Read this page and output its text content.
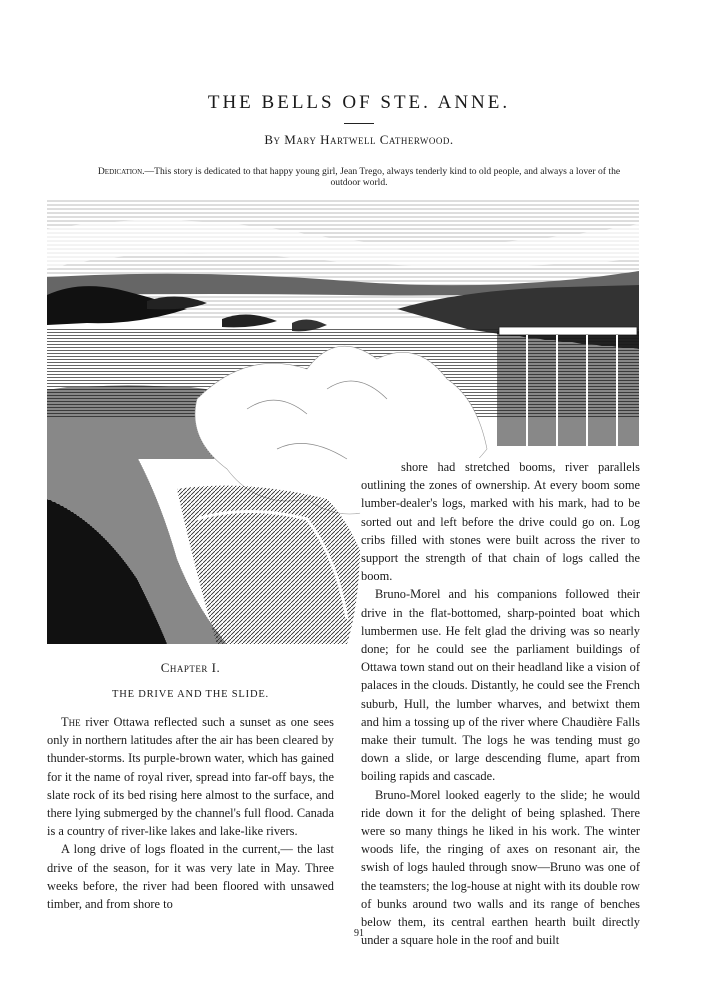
THE BELLS OF STE. ANNE.
By Mary Hartwell Catherwood.
Dedication.—This story is dedicated to that happy young girl, Jean Trego, always tenderly kind to old people, and always a lover of the outdoor world.

shore had stretched booms, river parallels outlining the zones of ownership. At every boom some lumber-dealer's logs, marked with his mark, had to be sorted out and left before the drive could go on. Log cribs filled with stones were built across the river to support the strength of that chain of logs called the boom.

Bruno-Morel and his companions followed their drive in the flat-bottomed, sharp-pointed boat which lumbermen use. He felt glad the driving was so nearly done; for he could see the parliament buildings of Ottawa town stand out on their headland like a vision of palaces in the clouds. Distantly, he could see the French suburb, Hull, the lumber wharves, and betwixt them and him a tossing up of the river where Chaudière Falls make their tumult. The logs he was tending must go down a slide, or large descending flume, apart from boiling rapids and cascade.

Bruno-Morel looked eagerly to the slide; he would ride down it for the delight of being splashed. There were so many things he liked in his work. The winter woods life, the ringing of axes on resonant air, the swish of logs hauled through snow—Bruno was one of the teamsters; the log-house at night with its double row of bunks around two walls and its range of benches below them, its central earthen hearth built directly under a square hole in the roof and built

Chapter I.
THE DRIVE AND THE SLIDE.

The river Ottawa reflected such a sunset as one sees only in northern latitudes after the air has been cleared by thunder-storms. Its purple-brown water, which has gained for it the name of royal river, spread into far-off bays, the slate rock of its bed rising here almost to the surface, and there lying submerged by the channel's full flood. Canada is a country of river-like lakes and lake-like rivers.

A long drive of logs floated in the current,— the last drive of the season, for it was very late in May. Three weeks before, the river had been floored with unsawed timber, and from shore to

91
